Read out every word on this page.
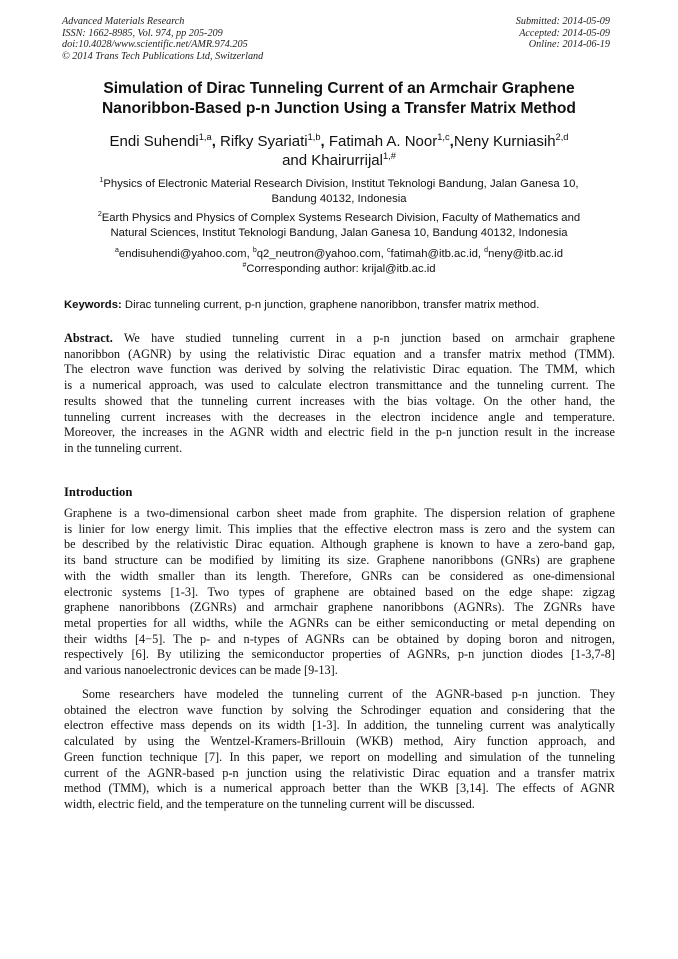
Advanced Materials Research
ISSN: 1662-8985, Vol. 974, pp 205-209
doi:10.4028/www.scientific.net/AMR.974.205
© 2014 Trans Tech Publications Ltd, Switzerland
Submitted: 2014-05-09
Accepted: 2014-05-09
Online: 2014-06-19
Simulation of Dirac Tunneling Current of an Armchair Graphene
Nanoribbon-Based p-n Junction Using a Transfer Matrix Method
Endi Suhendi$^{1,a}$, Rifky Syariati$^{1,b}$, Fatimah A. Noor$^{1,c}$,Neny Kurniasih$^{2,d}$
and Khairurrijal$^{1,\#}$
$^1$Physics of Electronic Material Research Division, Institut Teknologi Bandung, Jalan Ganesa 10,
Bandung 40132, Indonesia
$^2$Earth Physics and Physics of Complex Systems Research Division, Faculty of Mathematics and
Natural Sciences, Institut Teknologi Bandung, Jalan Ganesa 10, Bandung 40132, Indonesia
$^a$endisuhendi@yahoo.com, $^b$q2_neutron@yahoo.com, $^c$fatimah@itb.ac.id, $^d$neny@itb.ac.id
#Corresponding author: krijal@itb.ac.id
Keywords: Dirac tunneling current, p-n junction, graphene nanoribbon, transfer matrix method.
Abstract. We have studied tunneling current in a p-n junction based on armchair graphene
nanoribbon (AGNR) by using the relativistic Dirac equation and a transfer matrix method (TMM).
The electron wave function was derived by solving the relativistic Dirac equation. The TMM, which
is a numerical approach, was used to calculate electron transmittance and the tunneling current. The
results showed that the tunneling current increases with the bias voltage. On the other hand, the
tunneling current increases with the decreases in the electron incidence angle and temperature.
Moreover, the increases in the AGNR width and electric field in the p-n junction result in the increase
in the tunneling current.
Introduction
Graphene is a two-dimensional carbon sheet made from graphite. The dispersion relation of graphene
is linier for low energy limit. This implies that the effective electron mass is zero and the system can
be described by the relativistic Dirac equation. Although graphene is known to have a zero-band gap,
its band structure can be modified by limiting its size. Graphene nanoribbons (GNRs) are graphene
with the width smaller than its length. Therefore, GNRs can be considered as one-dimensional
electronic systems [1-3]. Two types of graphene are obtained based on the edge shape: zigzag
graphene nanoribbons (ZGNRs) and armchair graphene nanoribbons (AGNRs). The ZGNRs have
metal properties for all widths, while the AGNRs can be either semiconducting or metal depending on
their widths [4−5]. The p- and n-types of AGNRs can be obtained by doping boron and nitrogen,
respectively [6]. By utilizing the semiconductor properties of AGNRs, p-n junction diodes [1-3,7-8]
and various nanoelectronic devices can be made [9-13].
Some researchers have modeled the tunneling current of the AGNR-based p-n junction. They
obtained the electron wave function by solving the Schrodinger equation and considering that the
electron effective mass depends on its width [1-3]. In addition, the tunneling current was analytically
calculated by using the Wentzel-Kramers-Brillouin (WKB) method, Airy function approach, and
Green function technique [7]. In this paper, we report on modelling and simulation of the tunneling
current of the AGNR-based p-n junction using the relativistic Dirac equation and a transfer matrix
method (TMM), which is a numerical approach better than the WKB [3,14]. The effects of AGNR
width, electric field, and the temperature on the tunneling current will be discussed.
